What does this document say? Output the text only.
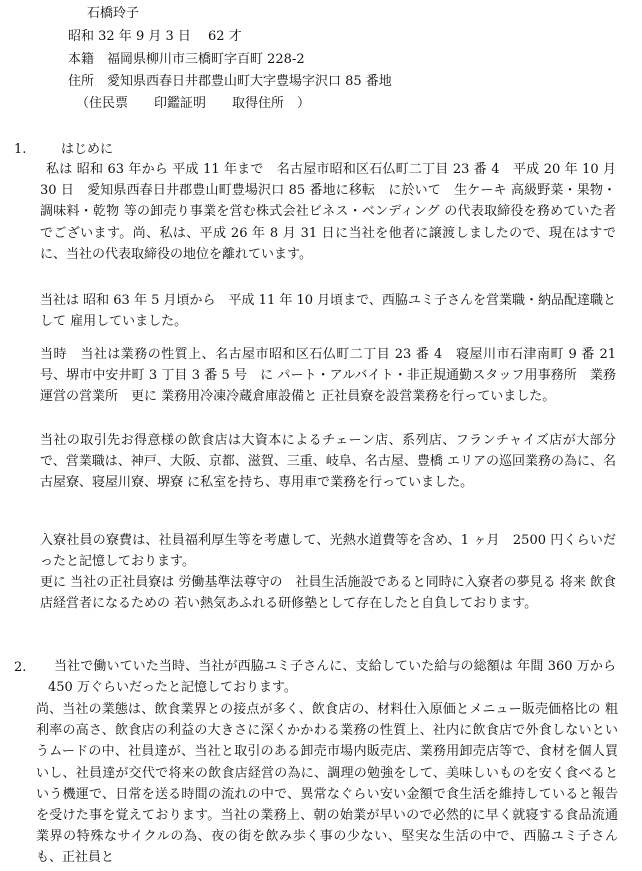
石橋玲子
昭和 32 年 9 月 3 日　 62 才
本籍　福岡県柳川市三橋町字百町 228-2
住所　愛知県西春日井郡豊山町大字豊場字沢口 85 番地
（住民票　　印鑑証明　　取得住所　）
1.	はじめに

私は 昭和 63 年から 平成 11 年まで　名古屋市昭和区石仏町二丁目 23 番 4　平成 20 年 10 月 30 日　愛知県西春日井郡豊山町豊場沢口 85 番地に移転　に於いて　生ケーキ 高級野菜・果物・調味料・乾物 等の卸売り事業を営む株式会社ビネス・ベンディング の代表取締役を務めていた者でございます。尚、私は、平成 26 年 8 月 31 日に当社を他者に譲渡しましたので、現在はすでに、当社の代表取締役の地位を離れています。

当社は 昭和 63 年 5 月頃から　平成 11 年 10 月頃まで、西脇ユミ子さんを営業職・納品配達職として 雇用していました。

当時　当社は業務の性質上、名古屋市昭和区石仏町二丁目 23 番 4　寝屋川市石津南町 9 番 21 号、堺市中安井町 3 丁目 3 番 5 号　に パート・アルバイト・非正規通勤スタッフ用事務所　業務運営の営業所　更に 業務用冷凍冷蔵倉庫設備と 正社員寮を設営業務を行っていました。

当社の取引先お得意様の飲食店は大資本によるチェーン店、系列店、フランチャイズ店が大部分で、営業職は、神戸、大阪、京都、滋賀、三重、岐阜、名古屋、豊橋 エリアの巡回業務の為に、名古屋寮、寝屋川寮、堺寮 に私室を持ち、専用車で業務を行っていました。

入寮社員の寮費は、社員福利厚生等を考慮して、光熱水道費等を含め、1 ヶ月　2500 円くらいだったと記憶しております。

更に 当社の正社員寮は 労働基準法尊守の　社員生活施設であると同時に入寮者の夢見る 将来 飲食店経営者になるための 若い熱気あふれる研修塾として存在したと自負しております。

2.	当社で働いていた当時、当社が西脇ユミ子さんに、支給していた給与の総額は 年間 360 万から 450 万ぐらいだったと記憶しております。

尚、当社の業態は、飲食業界との接点が多く、飲食店の、材料仕入原価とメニュー販売価格比の 粗利率の高さ、飲食店の利益の大きさに深くかかわる業務の性質上、社内に飲食店で外食しないというムードの中、社員達が、当社と取引のある卸売市場内販売店、業務用卸売店等で、食材を個人買いし、社員達が交代で将来の飲食店経営の為に、調理の勉強をして、美味しいものを安く食べるという機運で、日常を送る時間の流れの中で、異常なぐらい安い金額で食生活を維持していると報告を受けた事を覚えております。当社の業務上、朝の始業が早いので必然的に早く就寝する食品流通業界の特殊なサイクルの為、夜の街を飲み歩く事の少ない、堅実な生活の中で、西脇ユミ子さんも、正社員と
